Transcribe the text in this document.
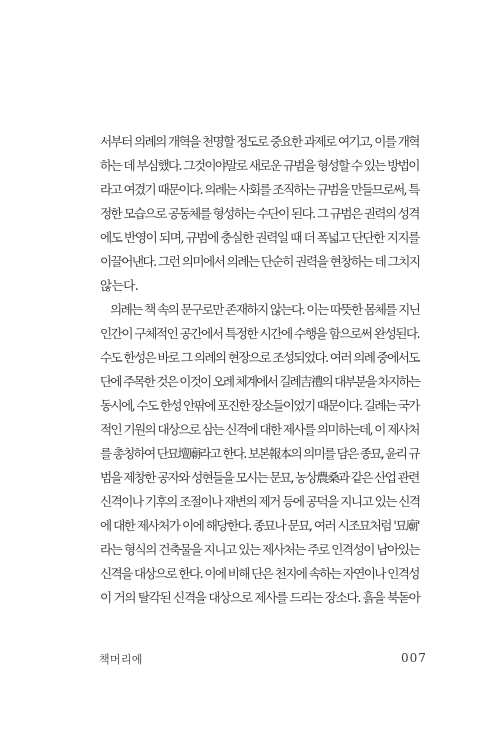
서부터 의례의 개혁을 천명할 정도로 중요한 과제로 여기고, 이를 개혁
하는 데 부심했다. 그것이야말로 새로운 규범을 형성할 수 있는 방법이
라고 여겼기 때문이다. 의례는 사회를 조직하는 규범을 만들므로써, 특
정한 모습으로 공동체를 형성하는 수단이 된다. 그 규범은 권력의 성격
에도 반영이 되며, 규범에 충실한 권력일 때 더 폭넓고 단단한 지지를
이끌어낸다. 그런 의미에서 의례는 단순히 권력을 현창하는 데 그치지
않는다.
의례는 책 속의 문구로만 존재하지 않는다. 이는 따뜻한 몸체를 지닌
인간이 구체적인 공간에서 특정한 시간에 수행을 함으로써 완성된다.
수도 한성은 바로 그 의례의 현장으로 조성되었다. 여러 의례 중에서도
단에 주목한 것은 이것이 오례 체계에서 길례吉禮의 대부분을 차지하는
동시에, 수도 한성 안팎에 포진한 장소들이었기 때문이다. 길례는 국가
적인 기원의 대상으로 삼는 신격에 대한 제사를 의미하는데, 이 제사처
를 총칭하여 단묘壇廟라고 한다. 보본報本의 의미를 담은 종묘, 윤리 규
범을 제창한 공자와 성현들을 모시는 문묘, 농상農桑과 같은 산업 관련
신격이나 기후의 조절이나 재변의 제거 등에 공덕을 지니고 있는 신격
에 대한 제사처가 이에 해당한다. 종묘나 문묘, 여러 시조묘처럼 '묘廟'
라는 형식의 건축물을 지니고 있는 제사처는 주로 인격성이 남아있는
신격을 대상으로 한다. 이에 비해 단은 천지에 속하는 자연이나 인격성
이 거의 탈각된 신격을 대상으로 제사를 드리는 장소다. 흙을 북돋아
책머리에	007
